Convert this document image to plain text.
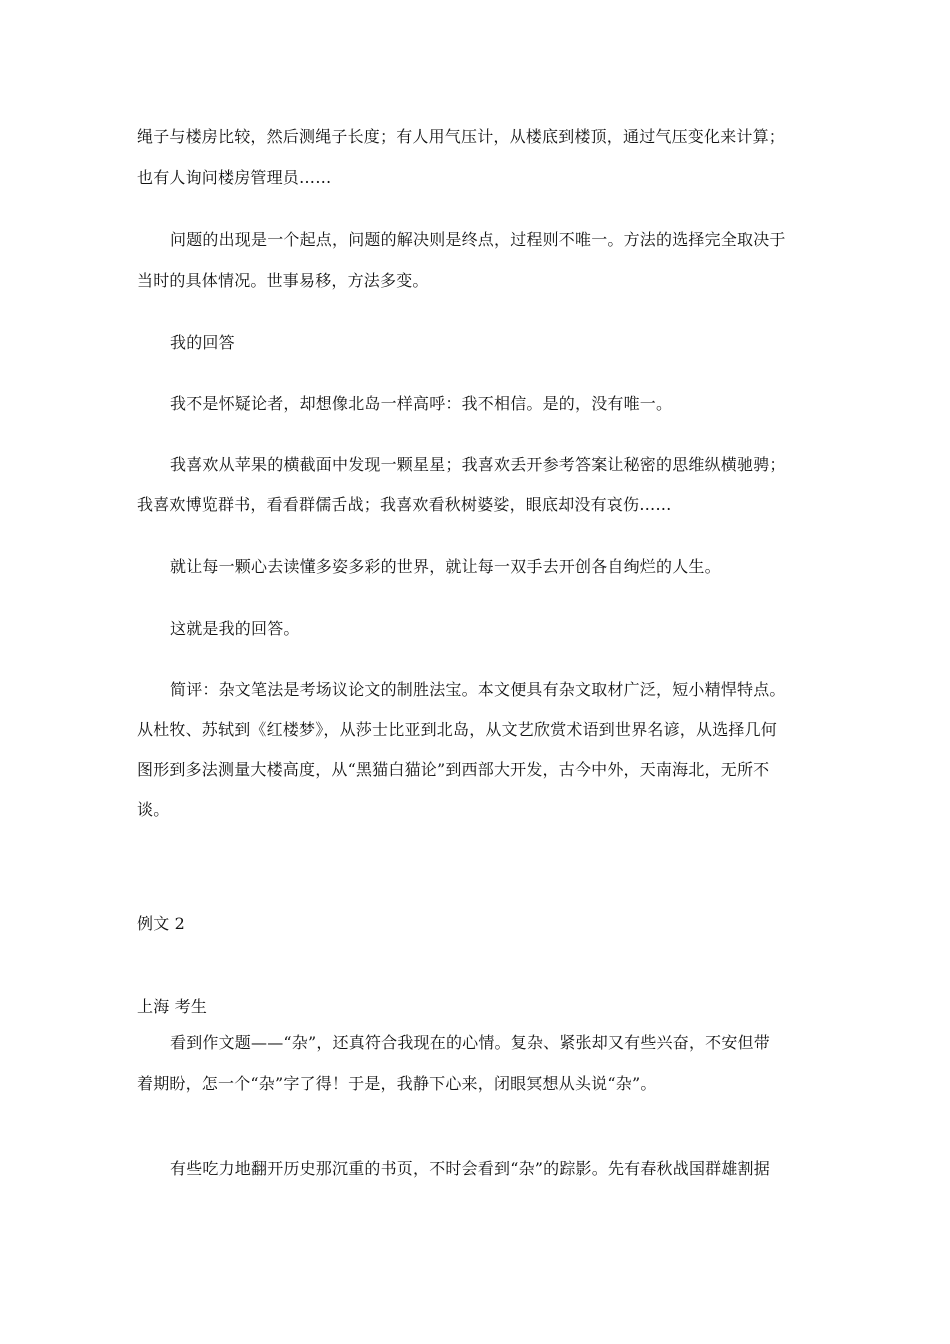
绳子与楼房比较，然后测绳子长度；有人用气压计，从楼底到楼顶，通过气压变化来计算；
也有人询问楼房管理员……
问题的出现是一个起点，问题的解决则是终点，过程则不唯一。方法的选择完全取决于
当时的具体情况。世事易移，方法多变。
我的回答
我不是怀疑论者，却想像北岛一样高呼：我不相信。是的，没有唯一。
我喜欢从苹果的横截面中发现一颗星星；我喜欢丢开参考答案让秘密的思维纵横驰骋；
我喜欢博览群书，看看群儒舌战；我喜欢看秋树婆娑，眼底却没有哀伤……
就让每一颗心去读懂多姿多彩的世界，就让每一双手去开创各自绚烂的人生。
这就是我的回答。
简评：杂文笔法是考场议论文的制胜法宝。本文便具有杂文取材广泛，短小精悍特点。
从杜牧、苏轼到《红楼梦》，从莎士比亚到北岛，从文艺欣赏术语到世界名谚，从选择几何
图形到多法测量大楼高度，从“黑猫白猫论”到西部大开发，古今中外，天南海北，无所不
谈。
例文 2
上海 考生
看到作文题——“杂”，还真符合我现在的心情。复杂、紧张却又有些兴奋，不安但带
着期盼，怎一个“杂”字了得！于是，我静下心来，闭眼冥想从头说“杂”。
有些吃力地翻开历史那沉重的书页，不时会看到“杂”的踪影。先有春秋战国群雄割据
